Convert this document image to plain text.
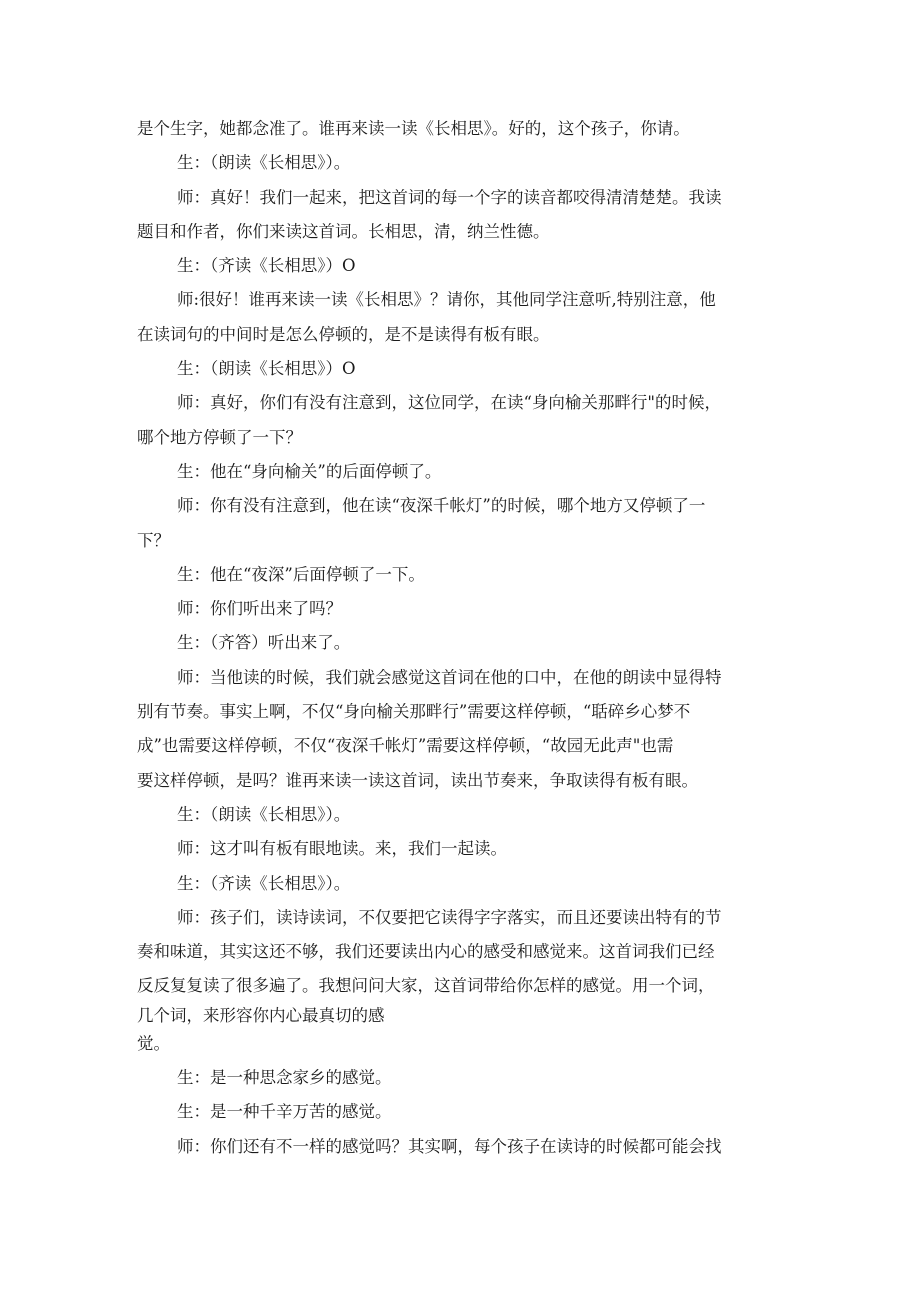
是个生字，她都念准了。谁再来读一读《长相思》。好的，这个孩子，你请。
生：（朗读《长相思》）。
师：真好！我们一起来，把这首词的每一个字的读音都咬得清清楚楚。我读
题目和作者，你们来读这首词。长相思，清，纳兰性德。
生：（齐读《长相思》）O
师:很好！谁再来读一读《长相思》？请你，其他同学注意听,特别注意，他
在读词句的中间时是怎么停顿的，是不是读得有板有眼。
生：（朗读《长相思》）O
师：真好，你们有没有注意到，这位同学，在读“身向榆关那畔行"的时候，
哪个地方停顿了一下？
生：他在“身向榆关”的后面停顿了。
师：你有没有注意到，他在读“夜深千帐灯”的时候，哪个地方又停顿了一
下？
生：他在“夜深”后面停顿了一下。
师：你们听出来了吗？
生：（齐答）听出来了。
师：当他读的时候，我们就会感觉这首词在他的口中，在他的朗读中显得特
别有节奏。事实上啊，不仅“身向榆关那畔行”需要这样停顿，“聒碎乡心梦不
成”也需要这样停顿，不仅“夜深千帐灯”需要这样停顿，“故园无此声"也需
要这样停顿，是吗？谁再来读一读这首词，读出节奏来，争取读得有板有眼。
生：（朗读《长相思》）。
师：这才叫有板有眼地读。来，我们一起读。
生：（齐读《长相思》）。
师：孩子们，读诗读词，不仅要把它读得字字落实，而且还要读出特有的节
奏和味道，其实这还不够，我们还要读出内心的感受和感觉来。这首词我们已经
反反复复读了很多遍了。我想问问大家，这首词带给你怎样的感觉。用一个词，
几个词，来形容你内心最真切的感
觉。
生：是一种思念家乡的感觉。
生：是一种千辛万苦的感觉。
师：你们还有不一样的感觉吗？其实啊，每个孩子在读诗的时候都可能会找
